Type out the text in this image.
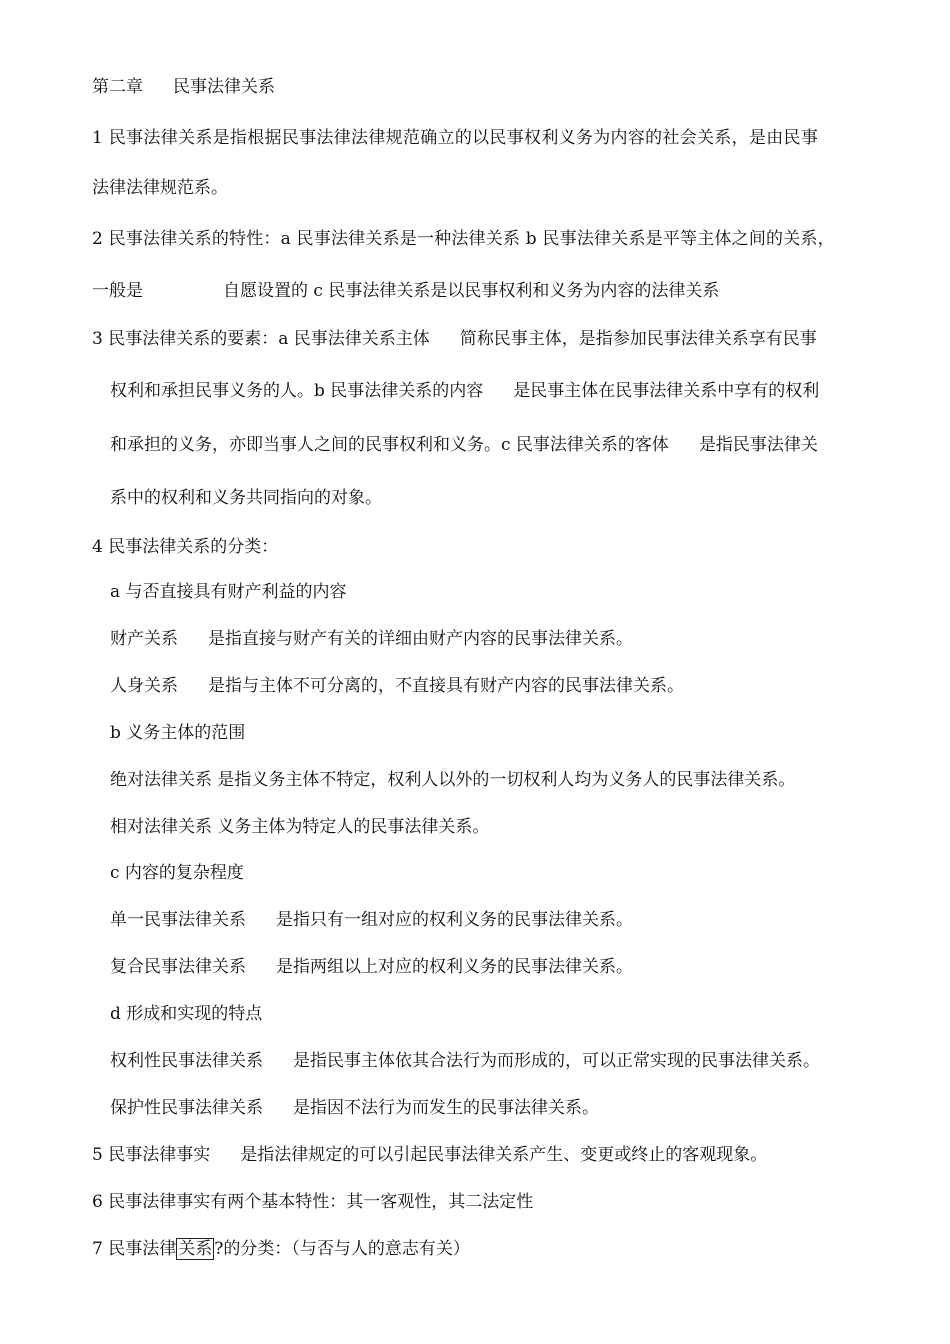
第二章 民事法律关系
1 民事法律关系是指根据民事法律法律规范确立的以民事权利义务为内容的社会关系，是由民事
法律法律规范系。
2 民事法律关系的特性：a 民事法律关系是一种法律关系 b 民事法律关系是平等主体之间的关系，
一般是	自愿设置的 c 民事法律关系是以民事权利和义务为内容的法律关系
3 民事法律关系的要素：a 民事法律关系主体 简称民事主体，是指参加民事法律关系享有民事
权利和承担民事义务的人。b 民事法律关系的内容 是民事主体在民事法律关系中享有的权利
和承担的义务，亦即当事人之间的民事权利和义务。c 民事法律关系的客体 是指民事法律关
系中的权利和义务共同指向的对象。
4 民事法律关系的分类：
a 与否直接具有财产利益的内容
财产关系 是指直接与财产有关的详细由财产内容的民事法律关系。
人身关系 是指与主体不可分离的，不直接具有财产内容的民事法律关系。
b 义务主体的范围
绝对法律关系 是指义务主体不特定，权利人以外的一切权利人均为义务人的民事法律关系。
相对法律关系 义务主体为特定人的民事法律关系。
c 内容的复杂程度
单一民事法律关系 是指只有一组对应的权利义务的民事法律关系。
复合民事法律关系 是指两组以上对应的权利义务的民事法律关系。
d 形成和实现的特点
权利性民事法律关系 是指民事主体依其合法行为而形成的，可以正常实现的民事法律关系。
保护性民事法律关系 是指因不法行为而发生的民事法律关系。
5 民事法律事实 是指法律规定的可以引起民事法律关系产生、变更或终止的客观现象。
6 民事法律事实有两个基本特性：其一客观性，其二法定性
7 民事法律 关系 ?的分类：（与否与人的意志有关）
